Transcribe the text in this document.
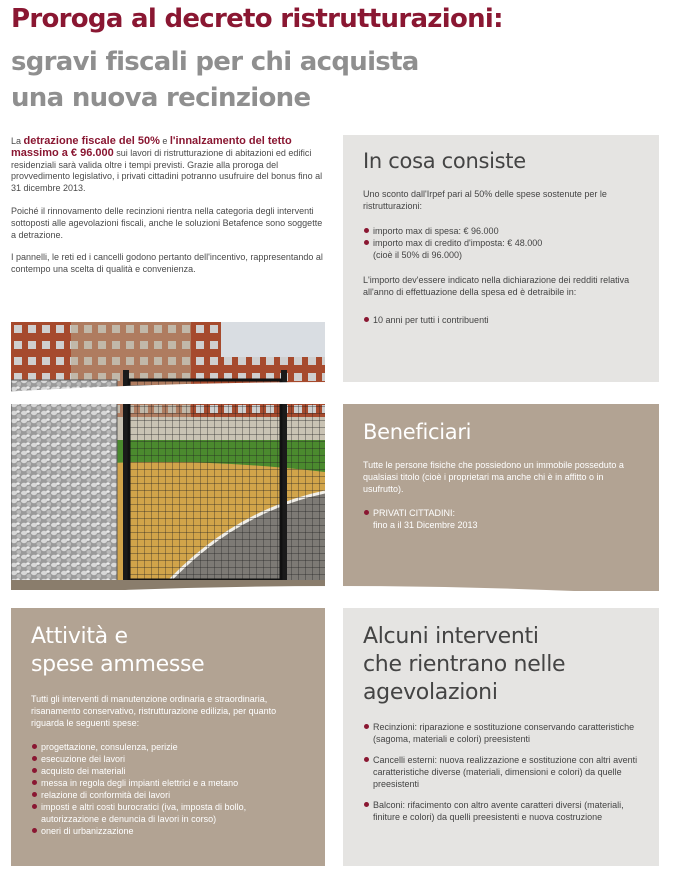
Proroga al decreto ristrutturazioni:
sgravi fiscali per chi acquista
una nuova recinzione

La detrazione fiscale del 50% e l'innalzamento del tetto massimo a € 96.000 sui lavori di ristrutturazione di abitazioni ed edifici residenziali sarà valida oltre i tempi previsti. Grazie alla proroga del provvedimento legislativo, i privati cittadini potranno usufruire del bonus fino al 31 dicembre 2013.

Poiché il rinnovamento delle recinzioni rientra nella categoria degli interventi sottoposti alle agevolazioni fiscali, anche le soluzioni Betafence sono soggette a detrazione.

I pannelli, le reti ed i cancelli godono pertanto dell'incentivo, rappresentando al contempo una scelta di qualità e convenienza.

In cosa consiste
Uno sconto dall'Irpef pari al 50% delle spese sostenute per le ristrutturazioni:
importo max di spesa: € 96.000
importo max di credito d'imposta: € 48.000
(cioè il 50% di 96.000)
L'importo dev'essere indicato nella dichiarazione dei redditi relativa all'anno di effettuazione della spesa ed è detraibile in:
10 anni per tutti i contribuenti
Beneficiari
Tutte le persone fisiche che possiedono un immobile posseduto a qualsiasi titolo (cioè i proprietari ma anche chi è in affitto o in usufrutto).
PRIVATI CITTADINI:
fino a il 31 Dicembre 2013
Attività e
spese ammesse
Tutti gli interventi di manutenzione ordinaria e straordinaria, risanamento conservativo, ristrutturazione edilizia, per quanto riguarda le seguenti spese:
progettazione, consulenza, perizie
esecuzione dei lavori
acquisto dei materiali
messa in regola degli impianti elettrici e a metano
relazione di conformità dei lavori
imposti e altri costi burocratici (iva, imposta di bollo, autorizzazione e denuncia di lavori in corso)
oneri di urbanizzazione
Alcuni interventi
che rientrano nelle
agevolazioni
Recinzioni: riparazione e sostituzione conservando caratteristiche (sagoma, materiali e colori) preesistenti
Cancelli esterni: nuova realizzazione e sostituzione con altri aventi caratteristiche diverse (materiali, dimensioni e colori) da quelle preesistenti
Balconi: rifacimento con altro avente caratteri diversi (materiali, finiture e colori) da quelli preesistenti e nuova costruzione
